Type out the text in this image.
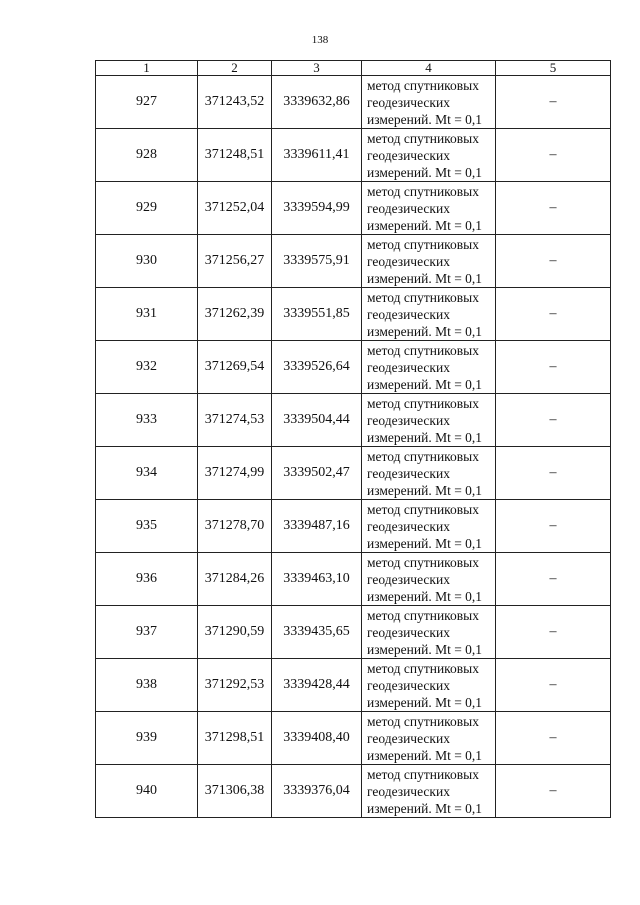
138
1	2	3	4	5
927	371243,52	3339632,86	метод спутниковых
геодезических
измерений. Mt = 0,1	–
928	371248,51	3339611,41	метод спутниковых
геодезических
измерений. Mt = 0,1	–
929	371252,04	3339594,99	метод спутниковых
геодезических
измерений. Mt = 0,1	–
930	371256,27	3339575,91	метод спутниковых
геодезических
измерений. Mt = 0,1	–
931	371262,39	3339551,85	метод спутниковых
геодезических
измерений. Mt = 0,1	–
932	371269,54	3339526,64	метод спутниковых
геодезических
измерений. Mt = 0,1	–
933	371274,53	3339504,44	метод спутниковых
геодезических
измерений. Mt = 0,1	–
934	371274,99	3339502,47	метод спутниковых
геодезических
измерений. Mt = 0,1	–
935	371278,70	3339487,16	метод спутниковых
геодезических
измерений. Mt = 0,1	–
936	371284,26	3339463,10	метод спутниковых
геодезических
измерений. Mt = 0,1	–
937	371290,59	3339435,65	метод спутниковых
геодезических
измерений. Mt = 0,1	–
938	371292,53	3339428,44	метод спутниковых
геодезических
измерений. Mt = 0,1	–
939	371298,51	3339408,40	метод спутниковых
геодезических
измерений. Mt = 0,1	–
940	371306,38	3339376,04	метод спутниковых
геодезических
измерений. Mt = 0,1	–
